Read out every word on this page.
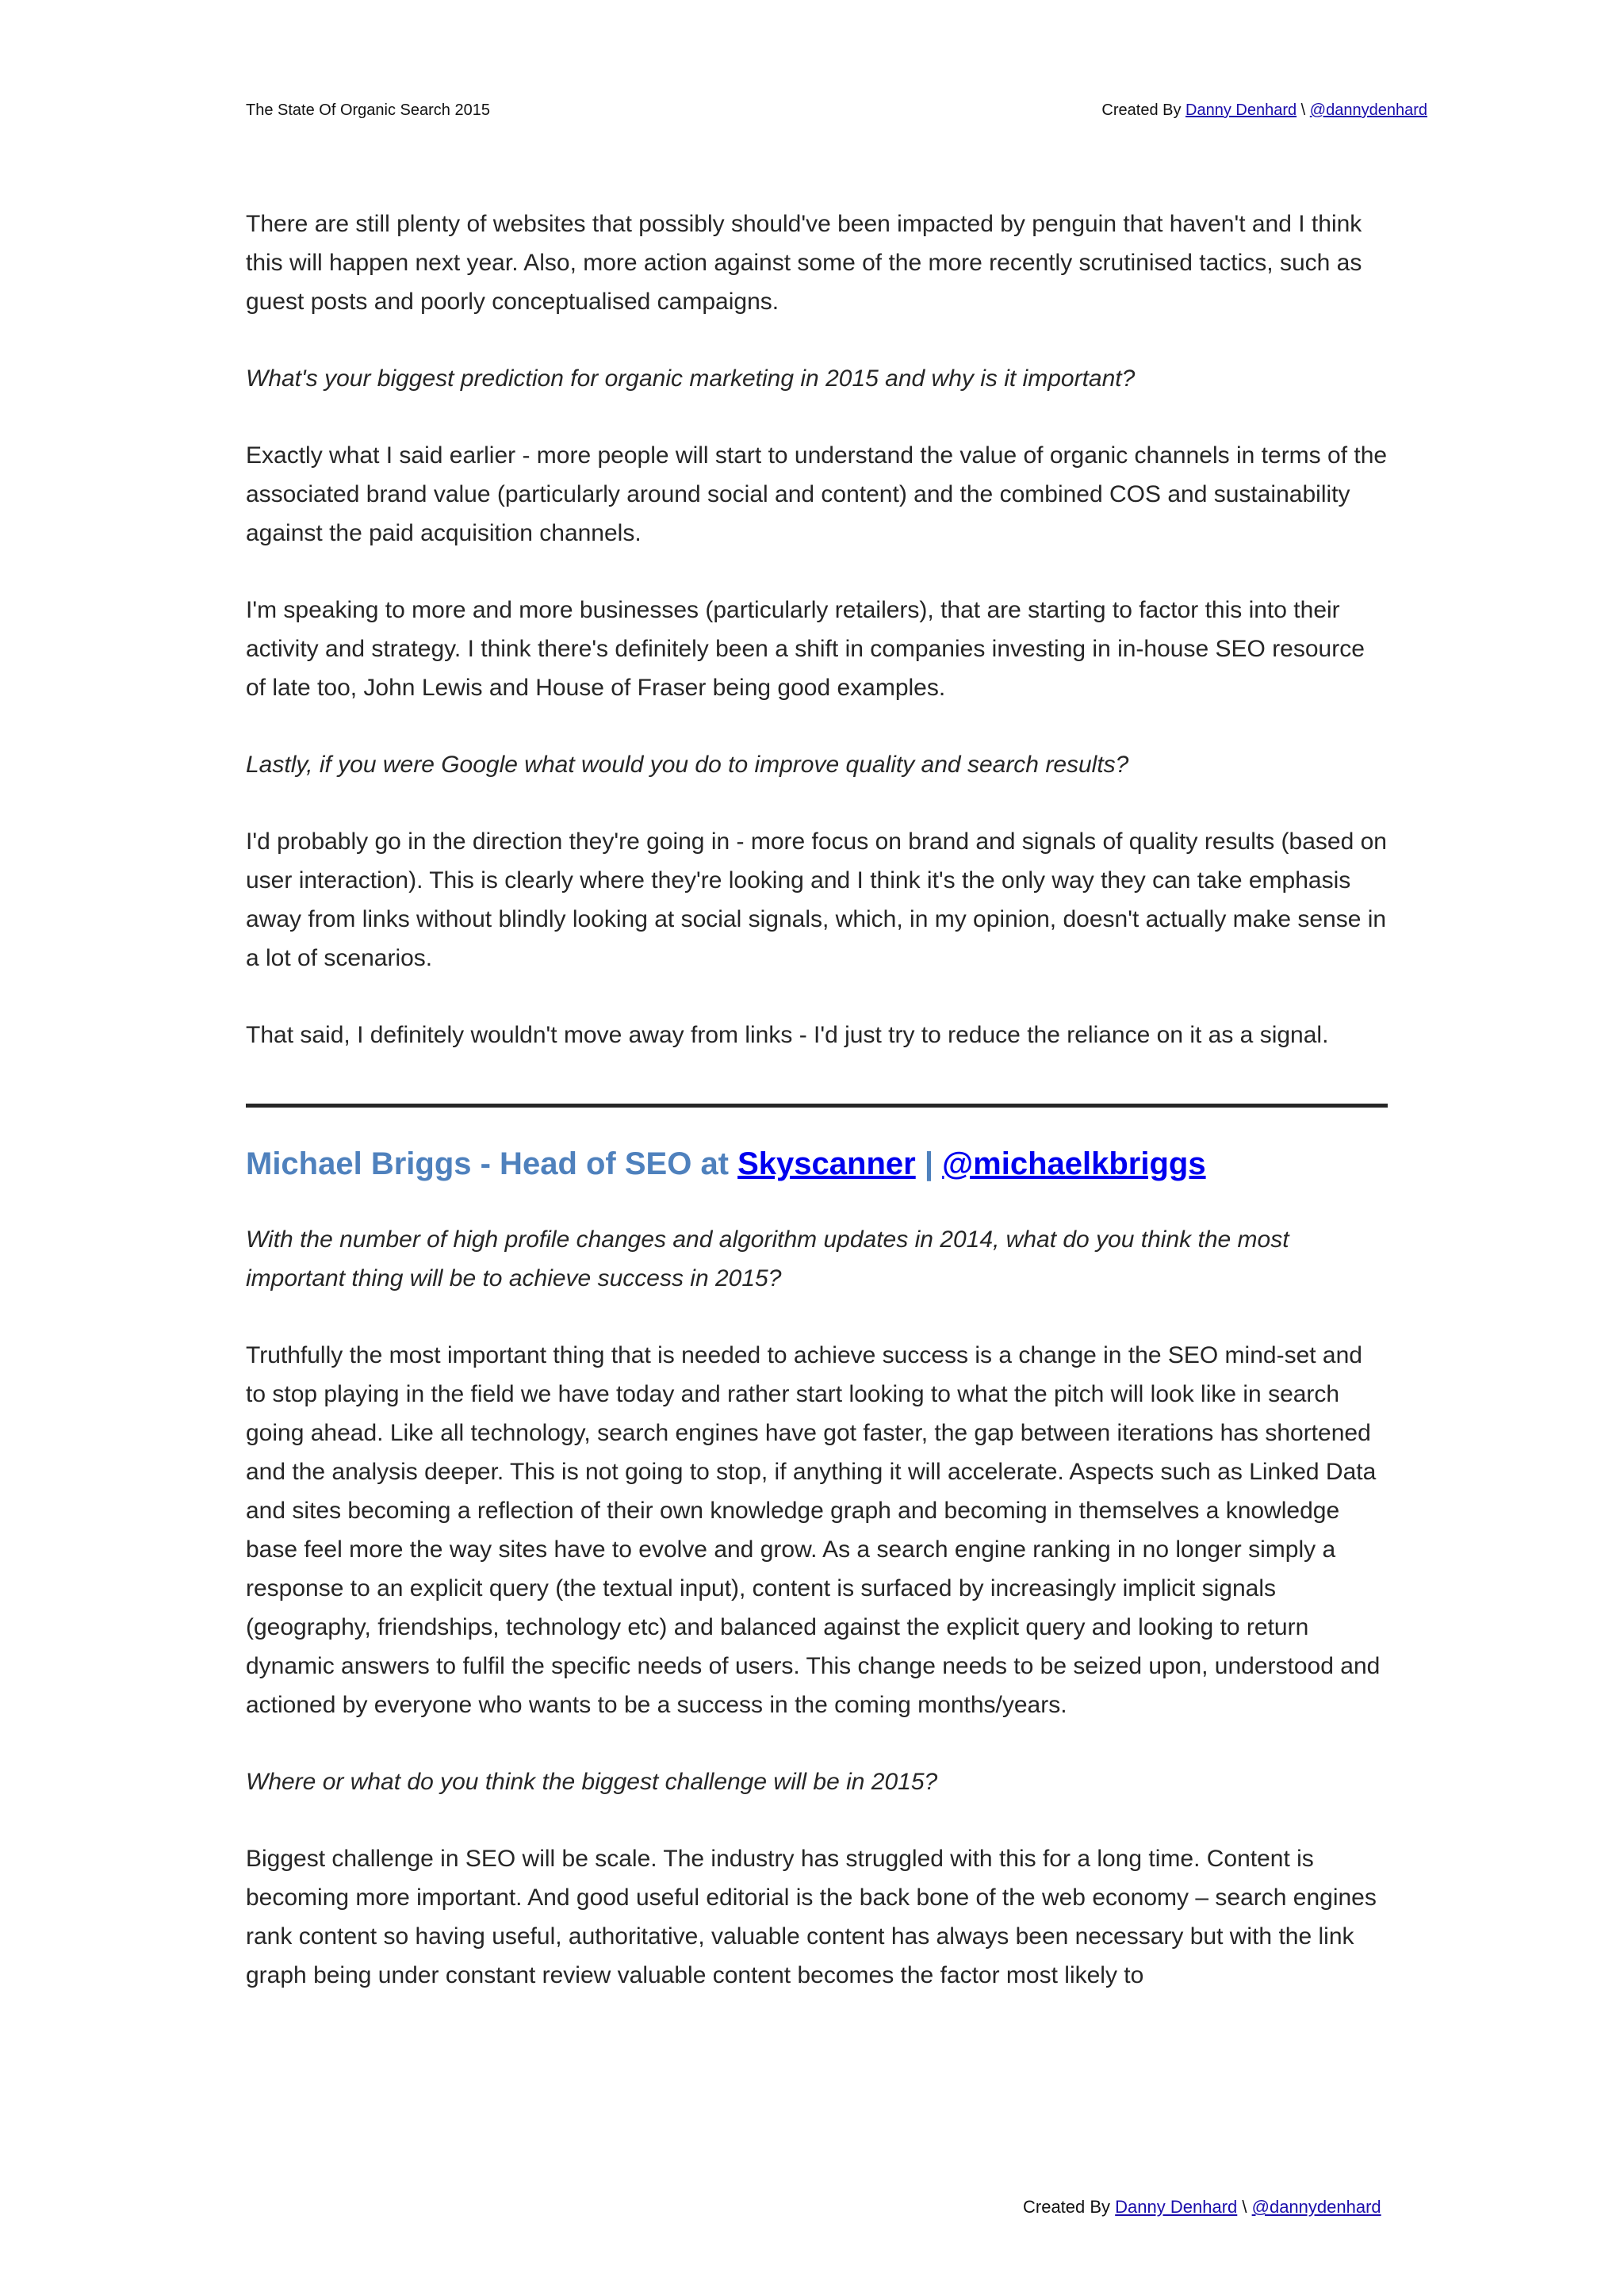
The State Of Organic Search 2015	Created By Danny Denhard \ @dannydenhard

There are still plenty of websites that possibly should've been impacted by penguin that haven't and I think this will happen next year. Also, more action against some of the more recently scrutinised tactics, such as guest posts and poorly conceptualised campaigns.

What's your biggest prediction for organic marketing in 2015 and why is it important?

Exactly what I said earlier - more people will start to understand the value of organic channels in terms of the associated brand value (particularly around social and content) and the combined COS and sustainability against the paid acquisition channels.

I'm speaking to more and more businesses (particularly retailers), that are starting to factor this into their activity and strategy. I think there's definitely been a shift in companies investing in in-house SEO resource of late too, John Lewis and House of Fraser being good examples.

Lastly, if you were Google what would you do to improve quality and search results?

I'd probably go in the direction they're going in - more focus on brand and signals of quality results (based on user interaction). This is clearly where they're looking and I think it's the only way they can take emphasis away from links without blindly looking at social signals, which, in my opinion, doesn't actually make sense in a lot of scenarios.

That said, I definitely wouldn't move away from links - I'd just try to reduce the reliance on it as a signal.

Michael Briggs - Head of SEO at Skyscanner | @michaelkbriggs

With the number of high profile changes and algorithm updates in 2014, what do you think the most important thing will be to achieve success in 2015?

Truthfully the most important thing that is needed to achieve success is a change in the SEO mind-set and to stop playing in the field we have today and rather start looking to what the pitch will look like in search going ahead. Like all technology, search engines have got faster, the gap between iterations has shortened and the analysis deeper. This is not going to stop, if anything it will accelerate. Aspects such as Linked Data and sites becoming a reflection of their own knowledge graph and becoming in themselves a knowledge base feel more the way sites have to evolve and grow. As a search engine ranking in no longer simply a response to an explicit query (the textual input), content is surfaced by increasingly implicit signals (geography, friendships, technology etc) and balanced against the explicit query and looking to return dynamic answers to fulfil the specific needs of users. This change needs to be seized upon, understood and actioned by everyone who wants to be a success in the coming months/years.

Where or what do you think the biggest challenge will be in 2015?

Biggest challenge in SEO will be scale. The industry has struggled with this for a long time. Content is becoming more important. And good useful editorial is the back bone of the web economy – search engines rank content so having useful, authoritative, valuable content has always been necessary but with the link graph being under constant review valuable content becomes the factor most likely to

Created By Danny Denhard \ @dannydenhard
